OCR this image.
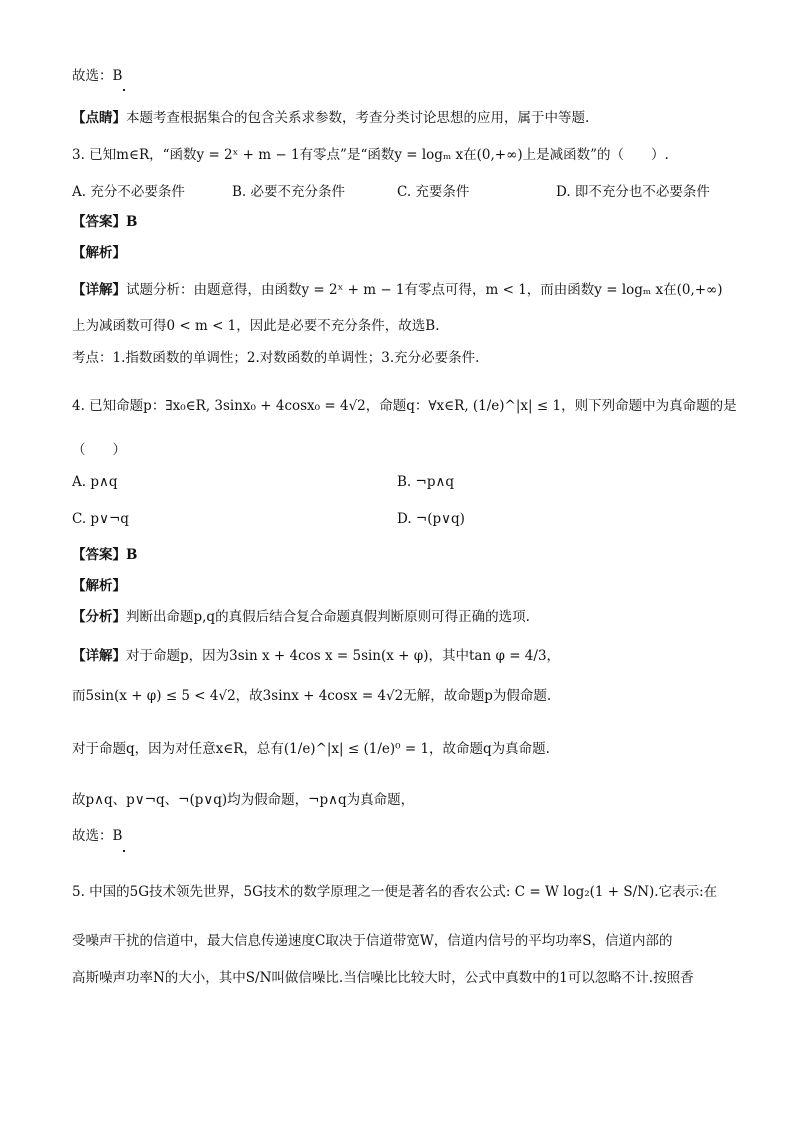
故选：B
【点睛】本题考查根据集合的包含关系求参数，考查分类讨论思想的应用，属于中等题.
3. 已知m∈R，“函数y = 2ˣ + m − 1有零点”是“函数y = logₘ x在(0,+∞)上是减函数”的（　　）.
A. 充分不必要条件	B. 必要不充分条件	C. 充要条件	D. 即不充分也不必要条件
【答案】B
【解析】
【详解】试题分析：由题意得，由函数y = 2ˣ + m − 1有零点可得，m < 1，而由函数y = logₘ x在(0,+∞)
上为减函数可得0 < m < 1，因此是必要不充分条件，故选B.
考点：1.指数函数的单调性；2.对数函数的单调性；3.充分必要条件.
4. 已知命题p：∃x₀∈R, 3sinx₀ + 4cosx₀ = 4√2，命题q：∀x∈R, (1/e)^|x| ≤ 1，则下列命题中为真命题的是
（　　）
A. p∧q	B. ¬p∧q
C. p∨¬q	D. ¬(p∨q)
【答案】B
【解析】
【分析】判断出命题p,q的真假后结合复合命题真假判断原则可得正确的选项.
【详解】对于命题p，因为3sin x + 4cos x = 5sin(x + φ)，其中tan φ = 4/3，
而5sin(x + φ) ≤ 5 < 4√2，故3sinx + 4cosx = 4√2无解，故命题p为假命题.
对于命题q，因为对任意x∈R，总有(1/e)^|x| ≤ (1/e)⁰ = 1，故命题q为真命题.
故p∧q、p∨¬q、¬(p∨q)均为假命题，¬p∧q为真命题，
故选：B
5. 中国的5G技术领先世界，5G技术的数学原理之一便是著名的香农公式: C = W log₂(1 + S/N).它表示:在
受噪声干扰的信道中，最大信息传递速度C取决于信道带宽W，信道内信号的平均功率S，信道内部的
高斯噪声功率N的大小，其中S/N叫做信噪比.当信噪比比较大时，公式中真数中的1可以忽略不计.按照香
